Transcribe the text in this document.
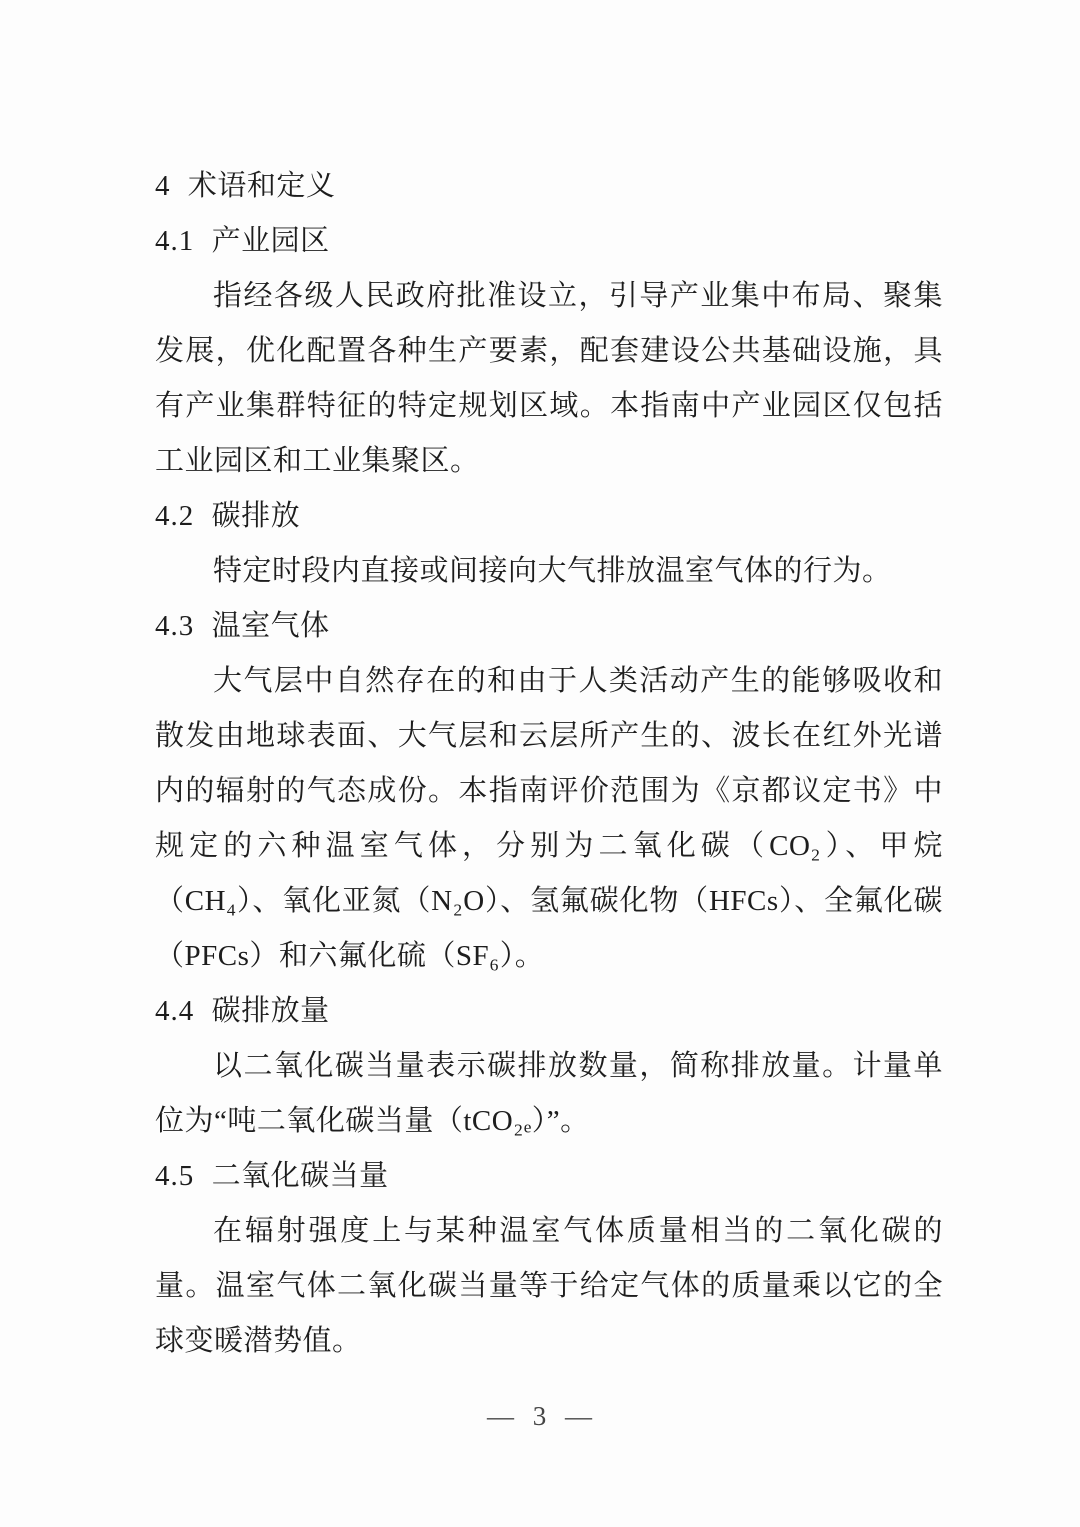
4 术语和定义
4.1 产业园区

指经各级人民政府批准设立，引导产业集中布局、聚集发展，优化配置各种生产要素，配套建设公共基础设施，具有产业集群特征的特定规划区域。本指南中产业园区仅包括工业园区和工业集聚区。

4.2 碳排放

特定时段内直接或间接向大气排放温室气体的行为。

4.3 温室气体

大气层中自然存在的和由于人类活动产生的能够吸收和散发由地球表面、大气层和云层所产生的、波长在红外光谱内的辐射的气态成份。本指南评价范围为《京都议定书》中规定的六种温室气体，分别为二氧化碳（CO₂）、甲烷（CH₄）、氧化亚氮（N₂O）、氢氟碳化物（HFCs）、全氟化碳（PFCs）和六氟化硫（SF₆）。

4.4 碳排放量

以二氧化碳当量表示碳排放数量，简称排放量。计量单位为“吨二氧化碳当量（tCO₂ₑ）”。

4.5 二氧化碳当量

在辐射强度上与某种温室气体质量相当的二氧化碳的量。温室气体二氧化碳当量等于给定气体的质量乘以它的全球变暖潜势值。

— 3 —
